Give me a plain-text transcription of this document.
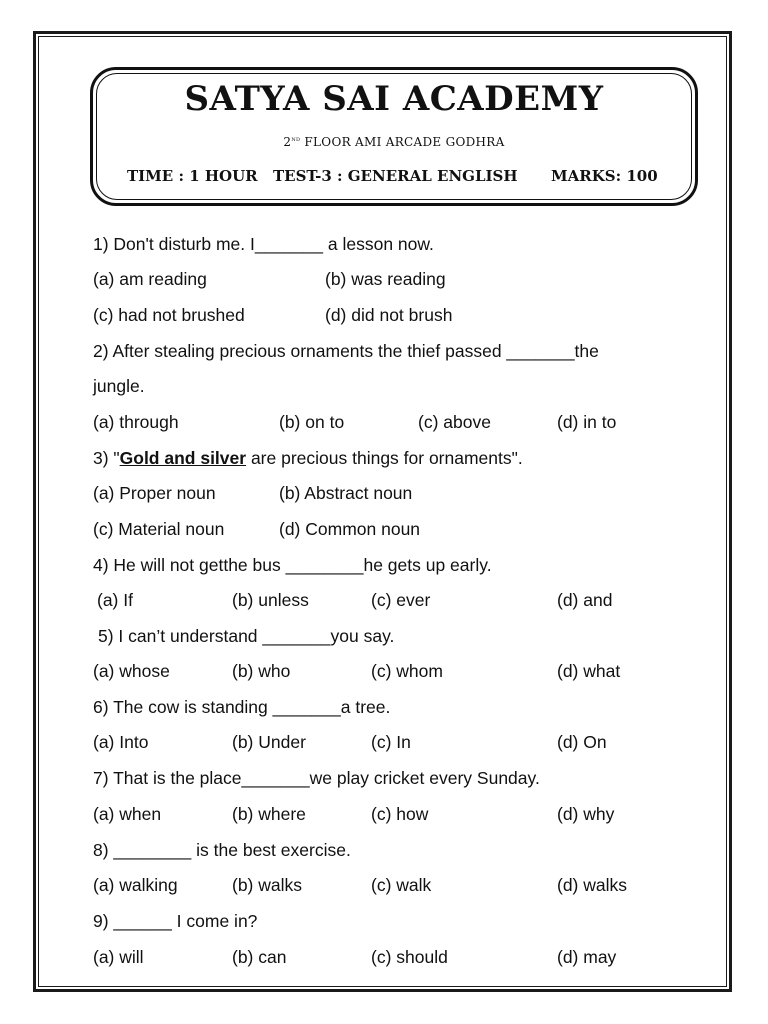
SATYA SAI ACADEMY
2nd FLOOR AMI ARCADE GODHRA
TIME : 1 HOUR TEST-3 : GENERAL ENGLISH MARKS: 100
1) Don't disturb me. I_______ a lesson now.
(a) am reading	(b) was reading
(c) had not brushed	(d) did not brush
2) After stealing precious ornaments the thief passed _______the
jungle.
(a) through	(b) on to	(c) above	(d) in to
3) "Gold and silver are precious things for ornaments".
(a) Proper noun	(b) Abstract noun
(c) Material noun	(d) Common noun
4) He will not getthe bus ________he gets up early.
(a) If	(b) unless	(c) ever	(d) and
5) I can’t understand _______you say.
(a) whose	(b) who	(c) whom	(d) what
6) The cow is standing _______a tree.
(a) Into	(b) Under	(c) In	(d) On
7) That is the place_______we play cricket every Sunday.
(a) when	(b) where	(c) how	(d) why
8) ________ is the best exercise.
(a) walking	(b) walks	(c) walk	(d) walks
9) ______ I come in?
(a) will	(b) can	(c) should	(d) may
